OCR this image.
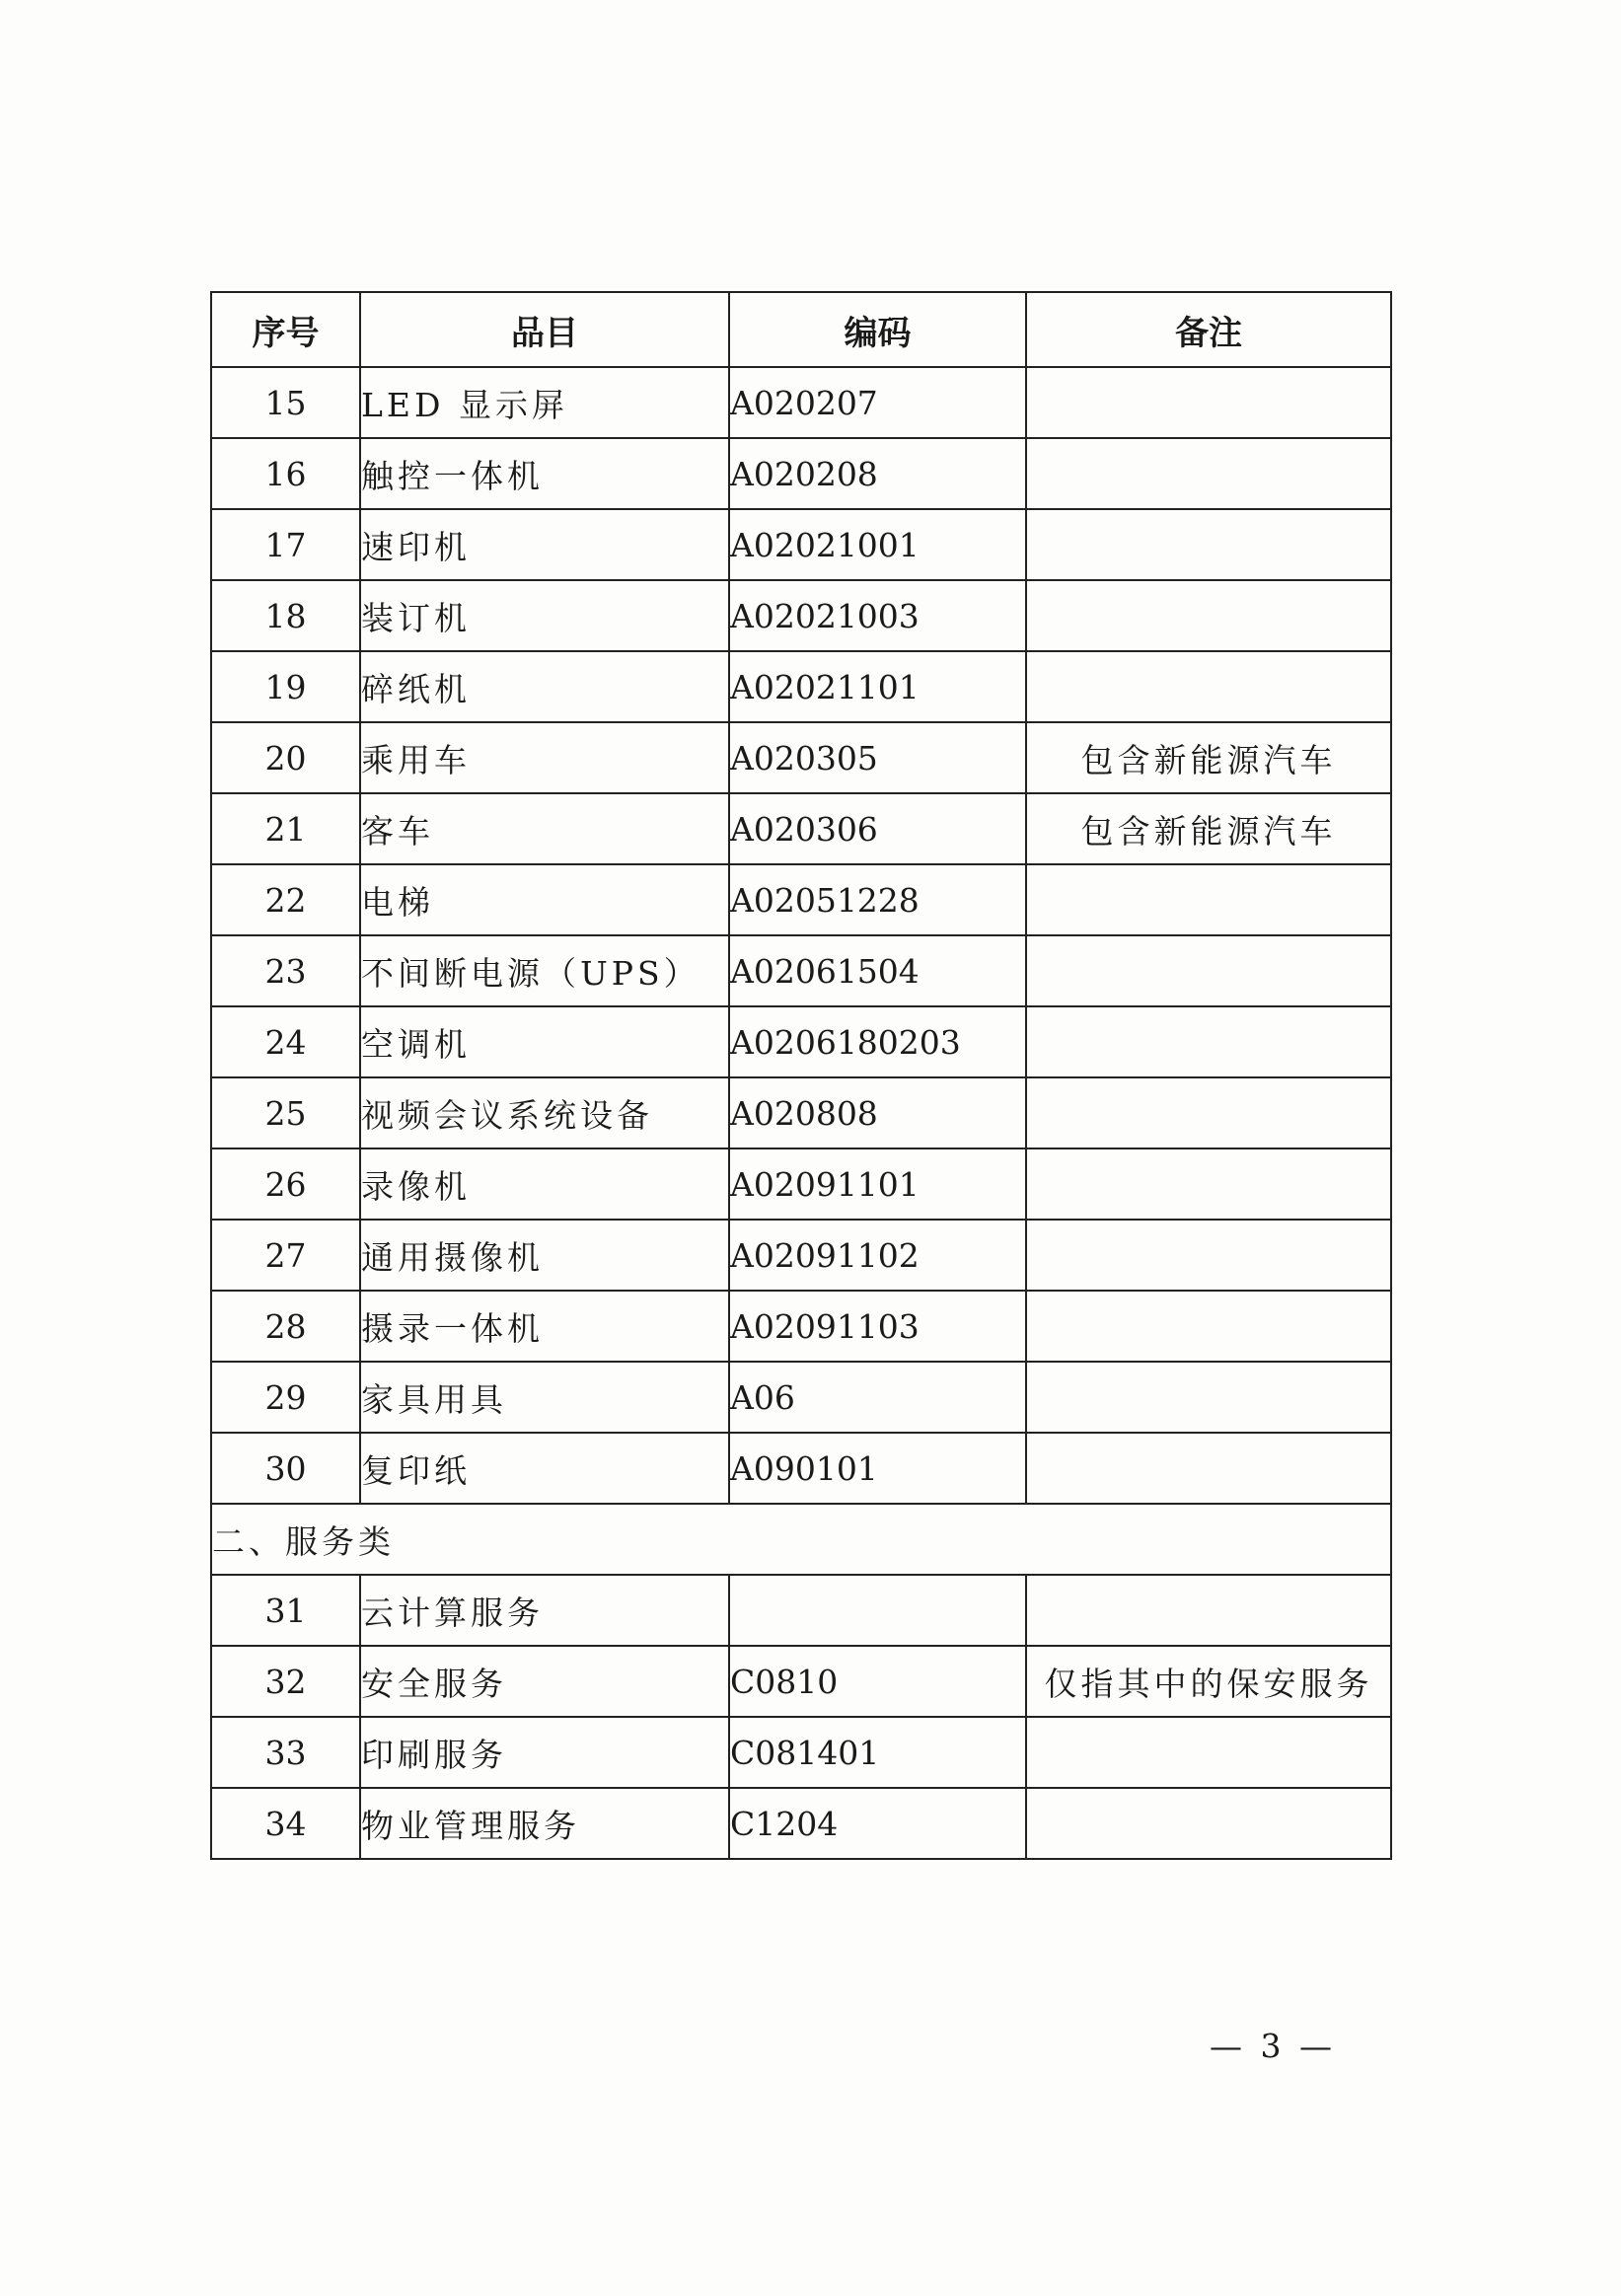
序号	品目	编码	备注
15	LED 显示屏	A020207	
16	触控一体机	A020208	
17	速印机	A02021001	
18	装订机	A02021003	
19	碎纸机	A02021101	
20	乘用车	A020305	包含新能源汽车
21	客车	A020306	包含新能源汽车
22	电梯	A02051228	
23	不间断电源（UPS）	A02061504	
24	空调机	A0206180203	
25	视频会议系统设备	A020808	
26	录像机	A02091101	
27	通用摄像机	A02091102	
28	摄录一体机	A02091103	
29	家具用具	A06	
30	复印纸	A090101	
二、服务类			
31	云计算服务		
32	安全服务	C0810	仅指其中的保安服务
33	印刷服务	C081401	
34	物业管理服务	C1204	
— 3 —
